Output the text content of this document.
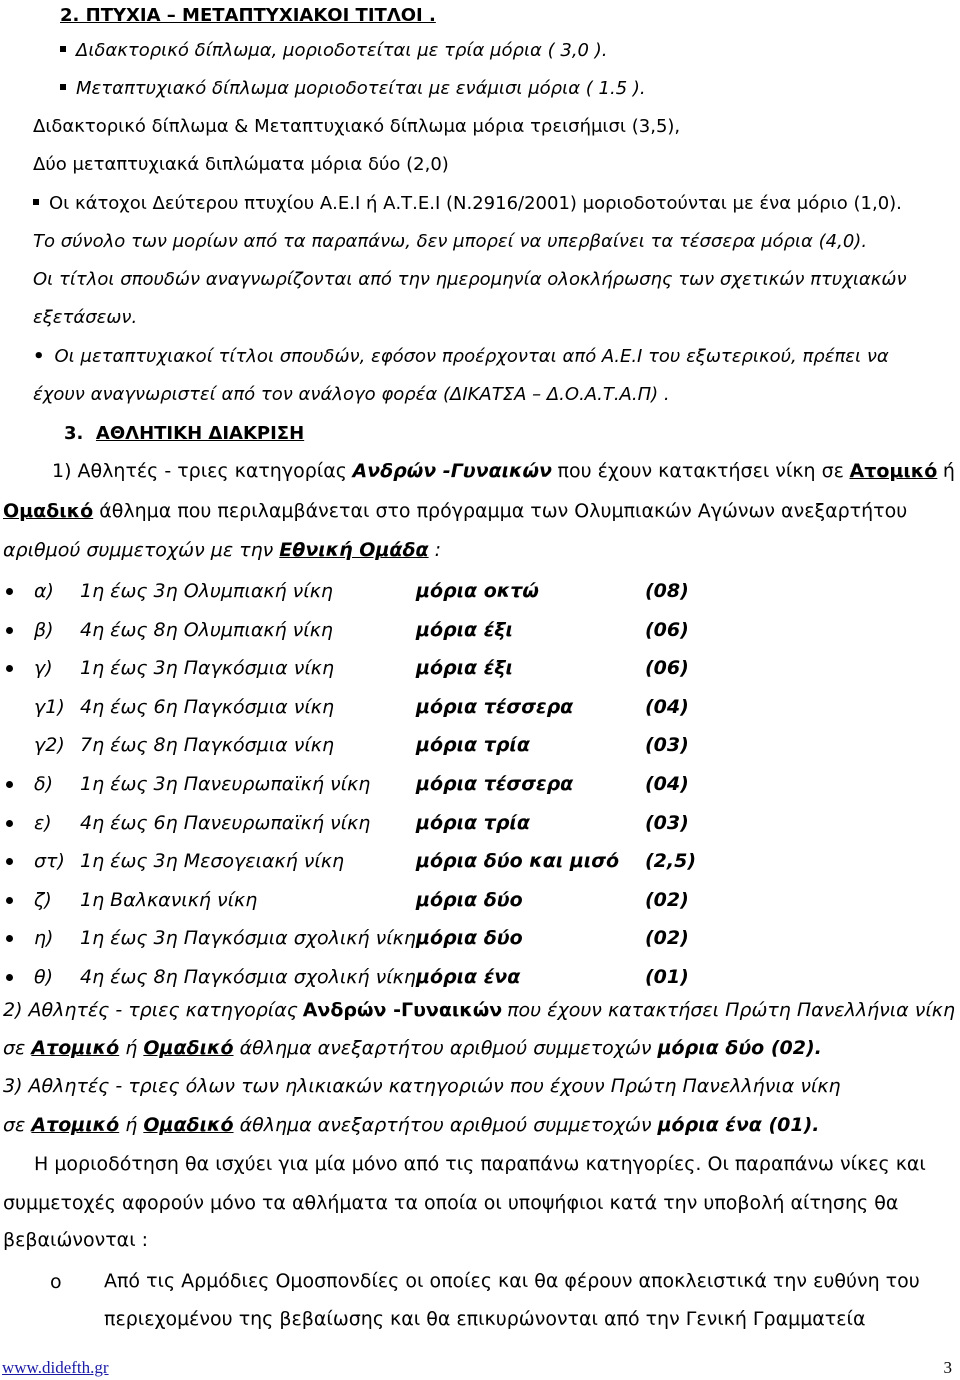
2. ΠΤΥΧΙΑ – ΜΕΤΑΠΤΥΧΙΑΚΟΙ ΤΙΤΛΟΙ .
Διδακτορικό δίπλωμα, μοριοδοτείται με τρία μόρια ( 3,0 ).
Μεταπτυχιακό δίπλωμα μοριοδοτείται με ενάμισι μόρια ( 1.5 ).
Διδακτορικό δίπλωμα & Μεταπτυχιακό δίπλωμα μόρια τρεισήμισι (3,5),
Δύο μεταπτυχιακά διπλώματα μόρια δύο (2,0)
Οι κάτοχοι Δεύτερου πτυχίου Α.Ε.Ι ή Α.Τ.Ε.Ι (Ν.2916/2001) μοριοδοτούνται με ένα μόριο (1,0).
Το σύνολο των μορίων από τα παραπάνω, δεν μπορεί να υπερβαίνει τα τέσσερα μόρια (4,0).
Οι τίτλοι σπουδών αναγνωρίζονται από την ημερομηνία ολοκλήρωσης των σχετικών πτυχιακών
εξετάσεων.
• Οι μεταπτυχιακοί τίτλοι σπουδών, εφόσον προέρχονται από Α.Ε.Ι του εξωτερικού, πρέπει να
έχουν αναγνωριστεί από τον ανάλογο φορέα (ΔΙΚΑΤΣΑ – Δ.Ο.Α.Τ.Α.Π) .
3. ΑΘΛΗΤΙΚΗ ΔΙΑΚΡΙΣΗ
1) Αθλητές - τριες κατηγορίας Ανδρών -Γυναικών που έχουν κατακτήσει νίκη σε Ατομικό ή
Ομαδικό άθλημα που περιλαμβάνεται στο πρόγραμμα των Ολυμπιακών Αγώνων ανεξαρτήτου
αριθμού συμμετοχών με την Εθνική Ομάδα :
α) 1η έως 3η Ολυμπιακή νίκη	μόρια οκτώ	(08)
β) 4η έως 8η Ολυμπιακή νίκη	μόρια έξι	(06)
γ) 1η έως 3η Παγκόσμια νίκη	μόρια έξι	(06)
γ1) 4η έως 6η Παγκόσμια νίκη	μόρια τέσσερα	(04)
γ2) 7η έως 8η Παγκόσμια νίκη	μόρια τρία	(03)
δ) 1η έως 3η Πανευρωπαϊκή νίκη μόρια τέσσερα	(04)
ε) 4η έως 6η Πανευρωπαϊκή νίκη μόρια τρία	(03)
στ) 1η έως 3η Μεσογειακή νίκη	μόρια δύο και μισό (2,5)
ζ) 1η Βαλκανική νίκη	μόρια δύο	(02)
η) 1η έως 3η Παγκόσμια σχολική νίκη μόρια δύο	(02)
θ) 4η έως 8η Παγκόσμια σχολική νίκη μόρια ένα	(01)
2) Αθλητές - τριες κατηγορίας Ανδρών -Γυναικών που έχουν κατακτήσει Πρώτη Πανελλήνια νίκη
σε Ατομικό ή Ομαδικό άθλημα ανεξαρτήτου αριθμού συμμετοχών μόρια δύο (02).
3) Αθλητές - τριες όλων των ηλικιακών κατηγοριών που έχουν Πρώτη Πανελλήνια νίκη
σε Ατομικό ή Ομαδικό άθλημα ανεξαρτήτου αριθμού συμμετοχών μόρια ένα (01).
Η μοριοδότηση θα ισχύει για μία μόνο από τις παραπάνω κατηγορίες. Οι παραπάνω νίκες και
συμμετοχές αφορούν μόνο τα αθλήματα τα οποία οι υποψήφιοι κατά την υποβολή αίτησης θα
βεβαιώνονται :
o Από τις Αρμόδιες Ομοσπονδίες οι οποίες και θα φέρουν αποκλειστικά την ευθύνη του
περιεχομένου της βεβαίωσης και θα επικυρώνονται από την Γενική Γραμματεία
www.didefth.gr	3
